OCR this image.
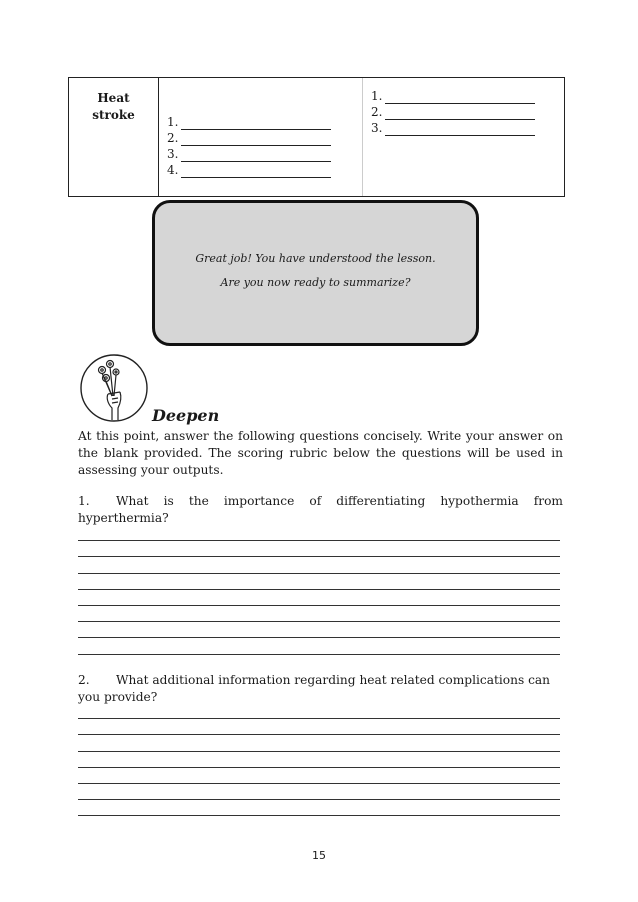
Heat
stroke	1.
2.
3.
4.
1.
2.
3.

Great job! You have understood the lesson.

Are you now ready to summarize?

Deepen

At this point, answer the following questions concisely. Write your answer on the blank provided. The scoring rubric below the questions will be used in assessing your outputs.

1. What is the importance of differentiating hypothermia from hyperthermia?

2. What additional information regarding heat related complications can you provide?

15
